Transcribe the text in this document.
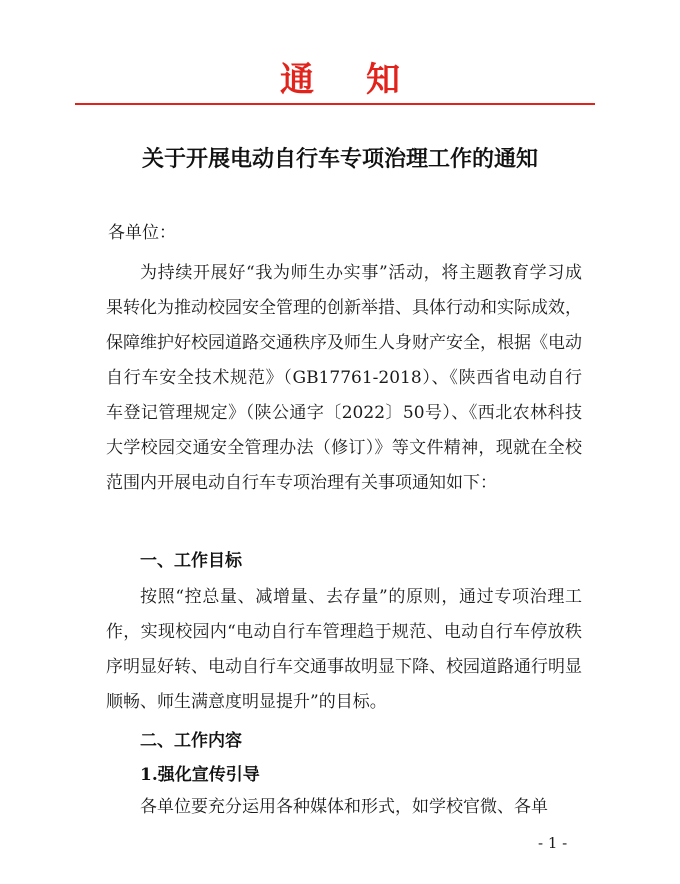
通 知
关于开展电动自行车专项治理工作的通知
各单位：
为持续开展好“我为师生办实事”活动，将主题教育学习成果转化为推动校园安全管理的创新举措、具体行动和实际成效，保障维护好校园道路交通秩序及师生人身财产安全，根据《电动自行车安全技术规范》（GB17761-2018）、《陕西省电动自行车登记管理规定》（陕公通字〔2022〕50号）、《西北农林科技大学校园交通安全管理办法（修订）》等文件精神，现就在全校范围内开展电动自行车专项治理有关事项通知如下：
一、工作目标
按照“控总量、减增量、去存量”的原则，通过专项治理工作，实现校园内“电动自行车管理趋于规范、电动自行车停放秩序明显好转、电动自行车交通事故明显下降、校园道路通行明显顺畅、师生满意度明显提升”的目标。
二、工作内容
1.强化宣传引导
各单位要充分运用各种媒体和形式，如学校官微、各单
- 1 -
